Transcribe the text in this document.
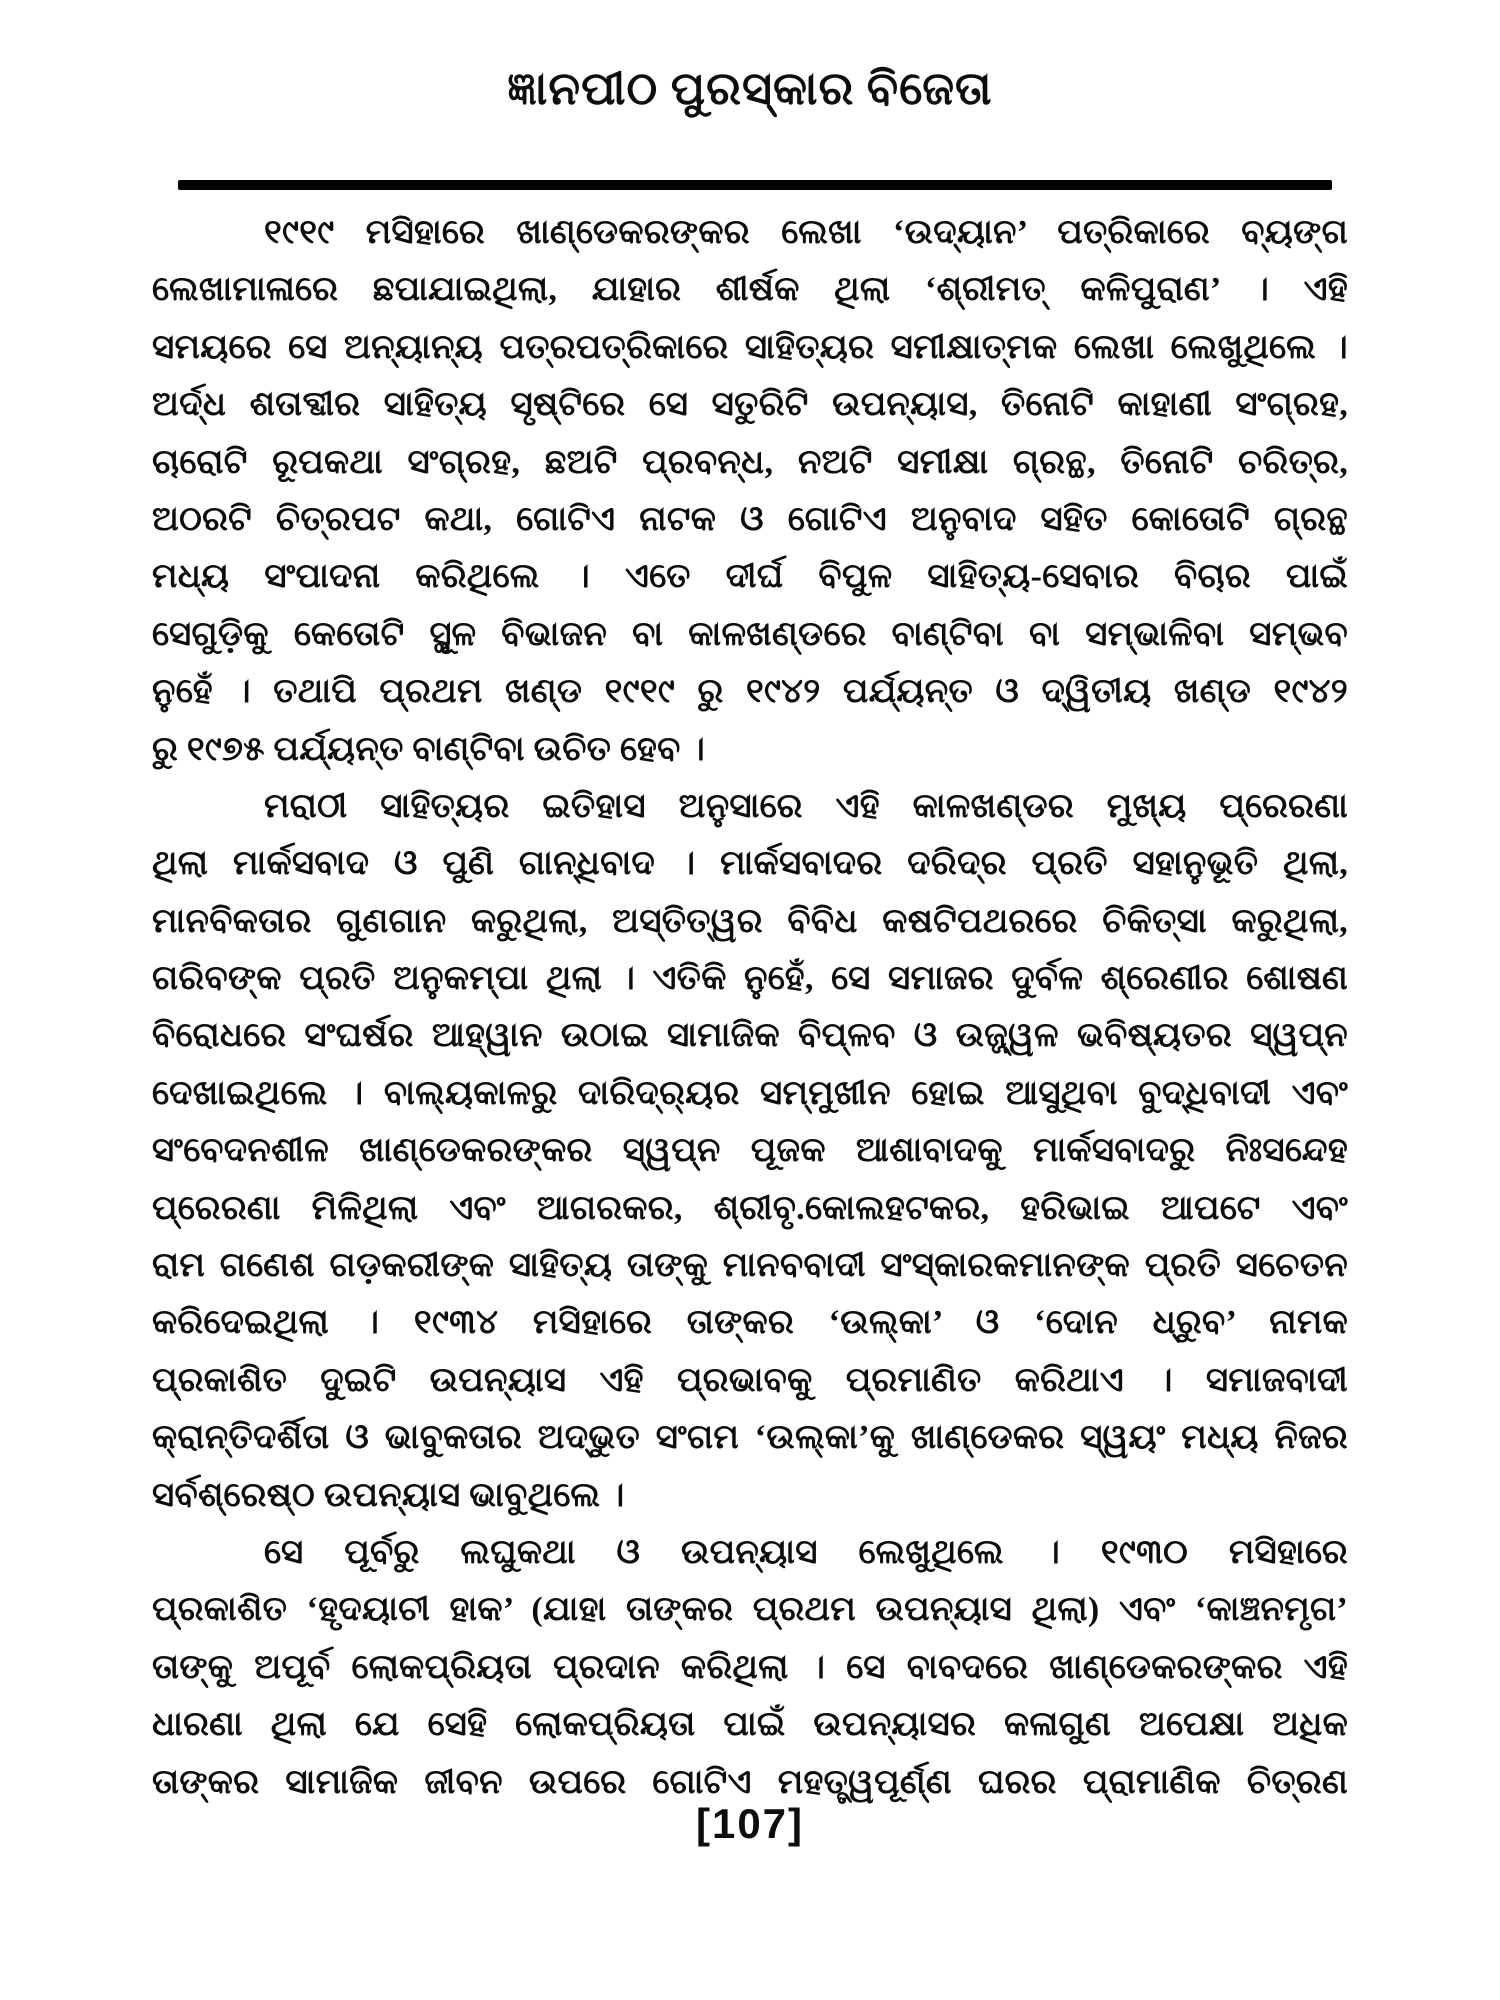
ଜ୍ଞାନପୀଠ ପୁରସ୍କାର ବିଜେତା
୧୯୧୯ ମସିହାରେ ଖାଣ୍ଡେକରଙ୍କର ଲେଖା ‘ଉଦ୍ୟାନ’ ପତ୍ରିକାରେ ବ୍ୟଙ୍ଗ
ଲେଖାମାଳାରେ ଛପାଯାଇଥିଲା, ଯାହାର ଶୀର୍ଷକ ଥିଲା ‘ଶ୍ରୀମତ୍ କଳିପୁରାଣ’ । ଏହି
ସମୟରେ ସେ ଅନ୍ୟାନ୍ୟ ପତ୍ରପତ୍ରିକାରେ ସାହିତ୍ୟର ସମୀକ୍ଷାତ୍ମକ ଲେଖା ଲେଖୁଥିଲେ ।
ଅର୍ଦ୍ଧ ଶତାବ୍ଦୀର ସାହିତ୍ୟ ସୃଷ୍ଟିରେ ସେ ସତୁରିଟି ଉପନ୍ୟାସ, ତିନୋଟି କାହାଣୀ ସଂଗ୍ରହ,
ଚାରୋଟି ରୂପକଥା ସଂଗ୍ରହ, ଛଅଟି ପ୍ରବନ୍ଧ, ନଅଟି ସମୀକ୍ଷା ଗ୍ରନ୍ଥ, ତିନୋଟି ଚରିତ୍ର,
ଅଠରଟି ଚିତ୍ରପଟ କଥା, ଗୋଟିଏ ନାଟକ ଓ ଗୋଟିଏ ଅନୁବାଦ ସହିତ କୋତୋଟି ଗ୍ରନ୍ଥ
ମଧ୍ୟ ସଂପାଦନା କରିଥିଲେ । ଏତେ ଦୀର୍ଘ ବିପୁଳ ସାହିତ୍ୟ-ସେବାର ବିଚାର ପାଇଁ
ସେଗୁଡ଼ିକୁ କେତୋଟି ସ୍ଥୂଳ ବିଭାଜନ ବା କାଳଖଣ୍ଡରେ ବାଣ୍ଟିବା ବା ସମ୍ଭାଳିବା ସମ୍ଭବ
ନୁହେଁ । ତଥାପି ପ୍ରଥମ ଖଣ୍ଡ ୧୯୧୯ ରୁ ୧୯୪୨ ପର୍ଯ୍ୟନ୍ତ ଓ ଦ୍ୱିତୀୟ ଖଣ୍ଡ ୧୯୪୨
ରୁ ୧୯୭୫ ପର୍ଯ୍ୟନ୍ତ ବାଣ୍ଟିବା ଉଚିତ ହେବ ।
ମରାଠୀ ସାହିତ୍ୟର ଇତିହାସ ଅନୁସାରେ ଏହି କାଳଖଣ୍ଡର ମୁଖ୍ୟ ପ୍ରେରଣା
ଥିଲା ମାର୍କସବାଦ ଓ ପୁଣି ଗାନ୍ଧିବାଦ । ମାର୍କସବାଦର ଦରିଦ୍ର ପ୍ରତି ସହାନୁଭୂତି ଥିଲା,
ମାନବିକତାର ଗୁଣଗାନ କରୁଥିଲା, ଅସ୍ତିତ୍ୱର ବିବିଧ କଷଟିପଥରରେ ଚିକିତ୍ସା କରୁଥିଲା,
ଗରିବଙ୍କ ପ୍ରତି ଅନୁକମ୍ପା ଥିଲା । ଏତିକି ନୁହେଁ, ସେ ସମାଜର ଦୁର୍ବଳ ଶ୍ରେଣୀର ଶୋଷଣ
ବିରୋଧରେ ସଂଘର୍ଷର ଆହ୍ୱାନ ଉଠାଇ ସାମାଜିକ ବିପ୍ଳବ ଓ ଉଜ୍ଜ୍ୱଳ ଭବିଷ୍ୟତର ସ୍ୱପ୍ନ
ଦେଖାଇଥିଲେ । ବାଲ୍ୟକାଳରୁ ଦାରିଦ୍ର୍ୟର ସମ୍ମୁଖୀନ ହୋଇ ଆସୁଥିବା ବୁଦ୍ଧିବାଦୀ ଏବଂ
ସଂବେଦନଶୀଳ ଖାଣ୍ଡେକରଙ୍କର ସ୍ୱପ୍ନ ପୂଜକ ଆଶାବାଦକୁ ମାର୍କସବାଦରୁ ନିଃସନ୍ଦେହ
ପ୍ରେରଣା ମିଳିଥିଲା ଏବଂ ଆଗରକର, ଶ୍ରୀବୃ.କୋଲହଟକର, ହରିଭାଇ ଆପଟେ ଏବଂ
ରାମ ଗଣେଶ ଗଡ଼କରୀଙ୍କ ସାହିତ୍ୟ ତାଙ୍କୁ ମାନବବାଦୀ ସଂସ୍କାରକମାନଙ୍କ ପ୍ରତି ସଚେତନ
କରିଦେଇଥିଲା । ୧୯୩୪ ମସିହାରେ ତାଙ୍କର ‘ଉଲ୍କା’ ଓ ‘ଦୋନ ଧ୍ରୁବ’ ନାମକ
ପ୍ରକାଶିତ ଦୁଇଟି ଉପନ୍ୟାସ ଏହି ପ୍ରଭାବକୁ ପ୍ରମାଣିତ କରିଥାଏ । ସମାଜବାଦୀ
କ୍ରାନ୍ତିଦର୍ଶିତା ଓ ଭାବୁକତାର ଅଦ୍ଭୁତ ସଂଗମ ‘ଉଲ୍କା’କୁ ଖାଣ୍ଡେକର ସ୍ୱୟଂ ମଧ୍ୟ ନିଜର
ସର୍ବଶ୍ରେଷ୍ଠ ଉପନ୍ୟାସ ଭାବୁଥିଲେ ।
ସେ ପୂର୍ବରୁ ଲଘୁକଥା ଓ ଉପନ୍ୟାସ ଲେଖୁଥିଲେ । ୧୯୩୦ ମସିହାରେ
ପ୍ରକାଶିତ ‘ହୃଦୟାଚୀ ହାକ’ (ଯାହା ତାଙ୍କର ପ୍ରଥମ ଉପନ୍ୟାସ ଥିଲା) ଏବଂ ‘କାଞ୍ଚନମୃଗ’
ତାଙ୍କୁ ଅପୂର୍ବ ଲୋକପ୍ରିୟତା ପ୍ରଦାନ କରିଥିଲା । ସେ ବାବଦରେ ଖାଣ୍ଡେକରଙ୍କର ଏହି
ଧାରଣା ଥିଲା ଯେ ସେହି ଲୋକପ୍ରିୟତା ପାଇଁ ଉପନ୍ୟାସର କଳାଗୁଣ ଅପେକ୍ଷା ଅଧିକ
ତାଙ୍କର ସାମାଜିକ ଜୀବନ ଉପରେ ଗୋଟିଏ ମହତ୍ତ୍ୱପୂର୍ଣ୍ଣ ଘରର ପ୍ରାମାଣିକ ଚିତ୍ରଣ
[107]
